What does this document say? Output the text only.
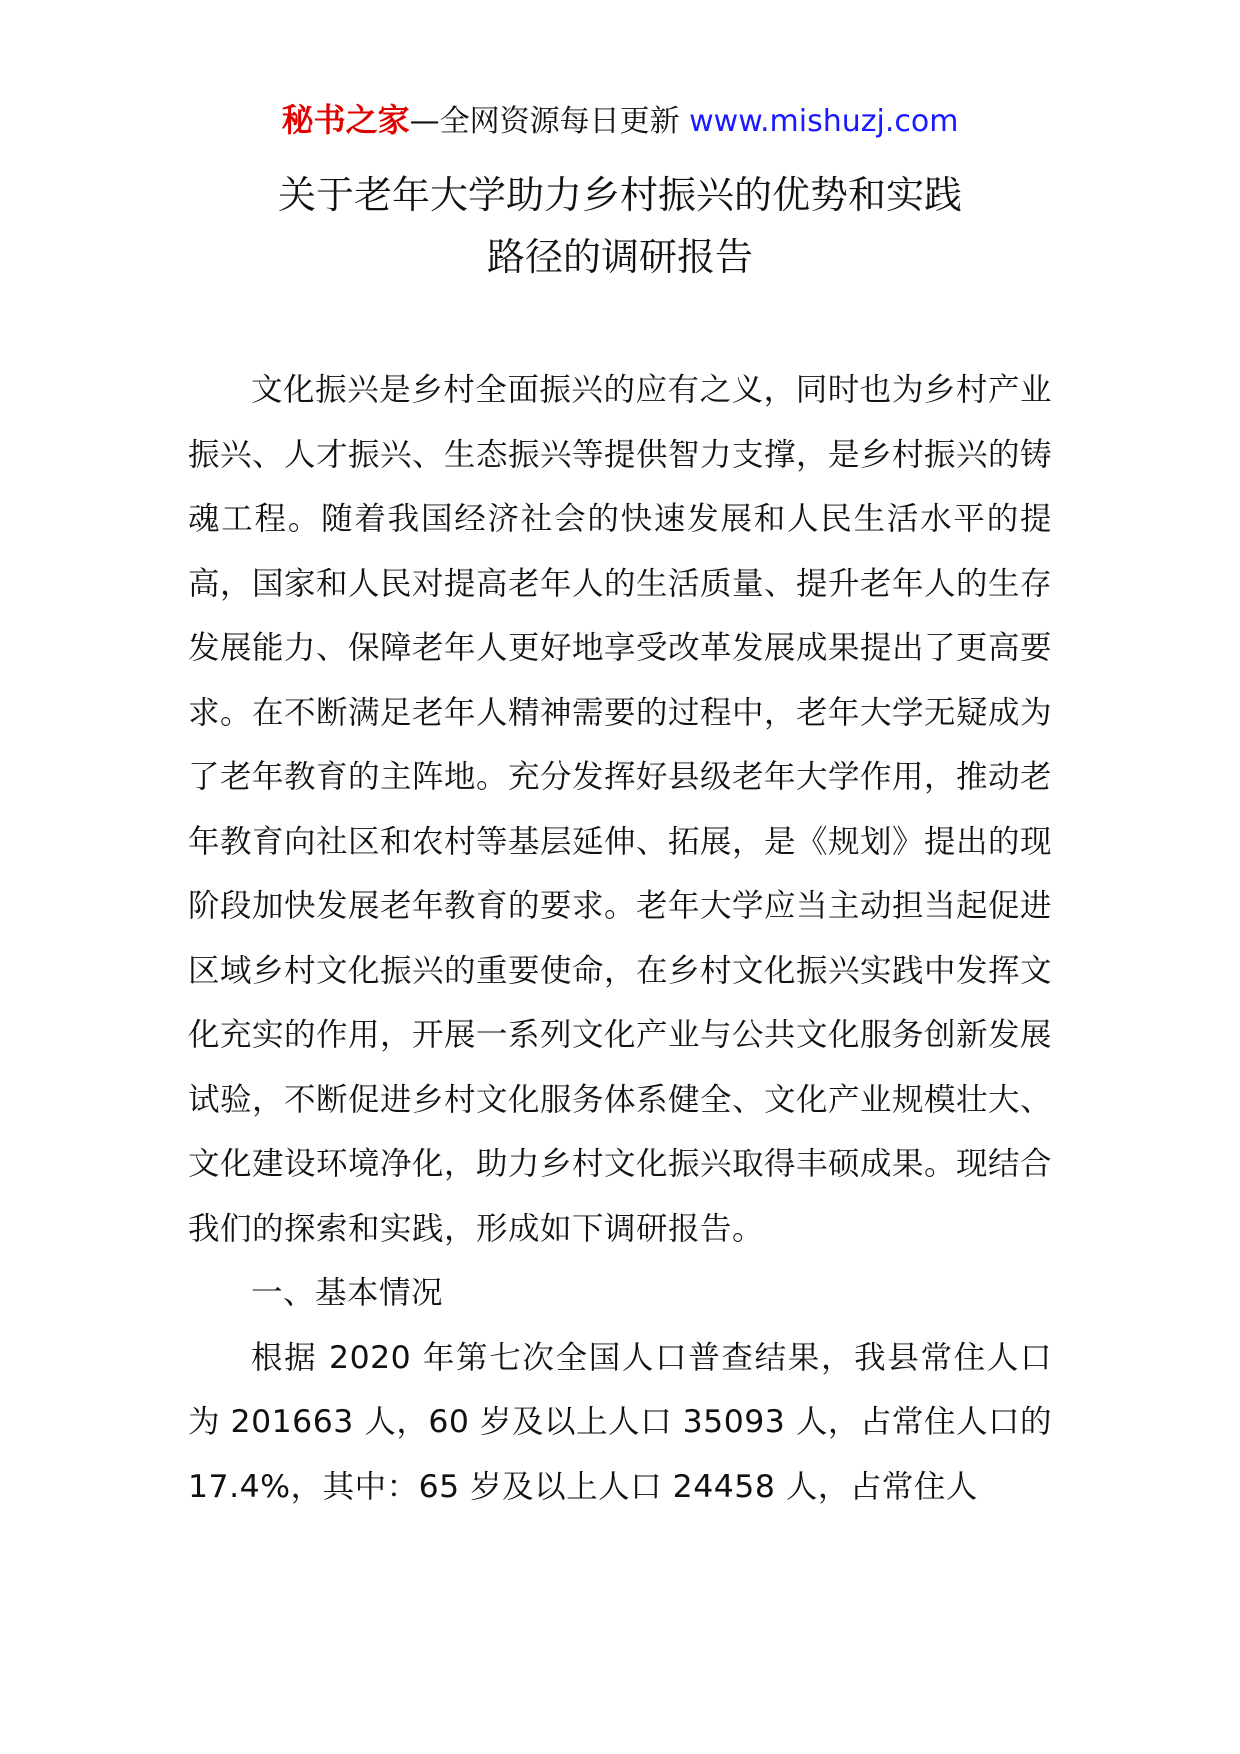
秘书之家—全网资源每日更新 www.mishuzj.com
关于老年大学助力乡村振兴的优势和实践
路径的调研报告

文化振兴是乡村全面振兴的应有之义，同时也为乡村产业振兴、人才振兴、生态振兴等提供智力支撑，是乡村振兴的铸魂工程。随着我国经济社会的快速发展和人民生活水平的提高，国家和人民对提高老年人的生活质量、提升老年人的生存发展能力、保障老年人更好地享受改革发展成果提出了更高要求。在不断满足老年人精神需要的过程中，老年大学无疑成为了老年教育的主阵地。充分发挥好县级老年大学作用，推动老年教育向社区和农村等基层延伸、拓展，是《规划》提出的现阶段加快发展老年教育的要求。老年大学应当主动担当起促进区域乡村文化振兴的重要使命，在乡村文化振兴实践中发挥文化充实的作用，开展一系列文化产业与公共文化服务创新发展试验，不断促进乡村文化服务体系健全、文化产业规模壮大、文化建设环境净化，助力乡村文化振兴取得丰硕成果。现结合我们的探索和实践，形成如下调研报告。

一、基本情况

根据 2020 年第七次全国人口普查结果，我县常住人口为 201663 人，60 岁及以上人口 35093 人，占常住人口的 17.4%，其中：65 岁及以上人口 24458 人，占常住人
